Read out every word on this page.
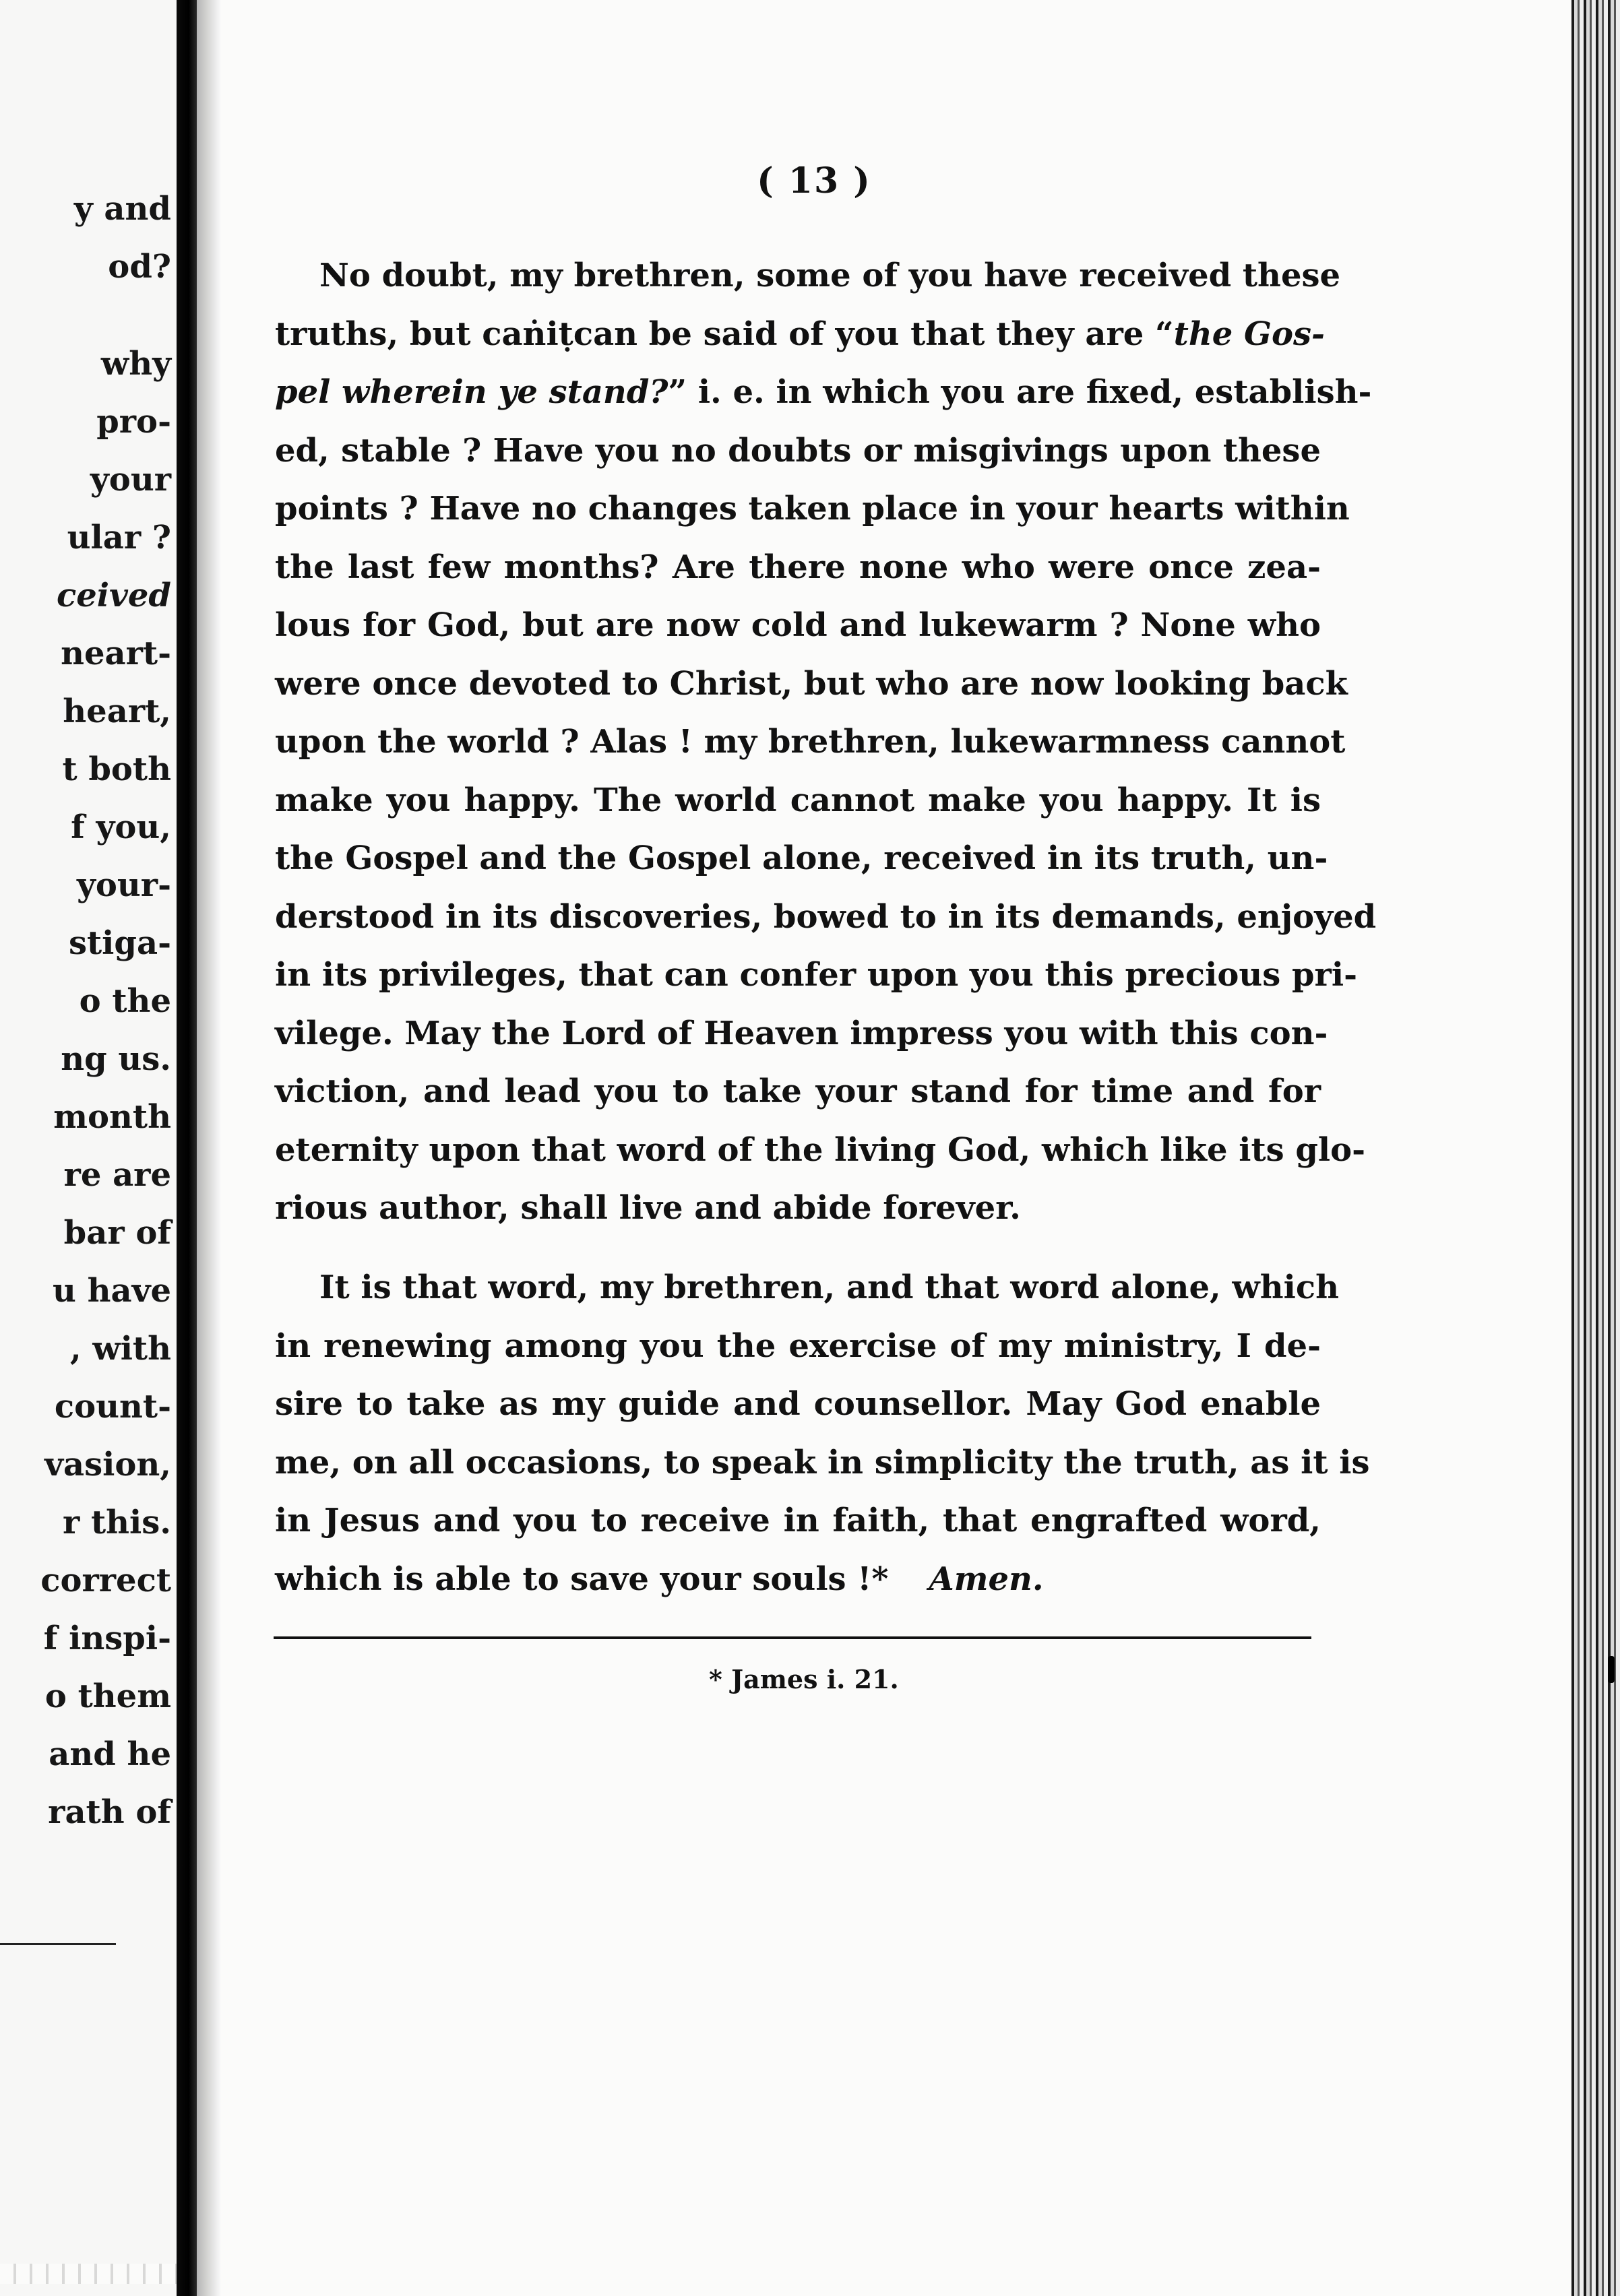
y and
od?
why
pro-
your
ular ?
ceived
neart-
heart,
t both
f you,
your-
stiga-
o the
ng us.
month
re are
bar of
u have
, with
count-
vasion,
r this.
correct
f inspi-
o them
and he
rath of
( 13 )
No doubt, my brethren, some of you have received these
truths, but caṅiṭcan be said of you that they are “the Gos-
pel wherein ye stand?” i. e. in which you are fixed, establish-
ed, stable ? Have you no doubts or misgivings upon these
points ? Have no changes taken place in your hearts within
the last few months? Are there none who were once zea-
lous for God, but are now cold and lukewarm ? None who
were once devoted to Christ, but who are now looking back
upon the world ? Alas ! my brethren, lukewarmness cannot
make you happy. The world cannot make you happy. It is
the Gospel and the Gospel alone, received in its truth, un-
derstood in its discoveries, bowed to in its demands, enjoyed
in its privileges, that can confer upon you this precious pri-
vilege. May the Lord of Heaven impress you with this con-
viction, and lead you to take your stand for time and for
eternity upon that word of the living God, which like its glo-
rious author, shall live and abide forever.
It is that word, my brethren, and that word alone, which
in renewing among you the exercise of my ministry, I de-
sire to take as my guide and counsellor. May God enable
me, on all occasions, to speak in simplicity the truth, as it is
in Jesus and you to receive in faith, that engrafted word,
which is able to save your souls !* Amen.
* James i. 21.
